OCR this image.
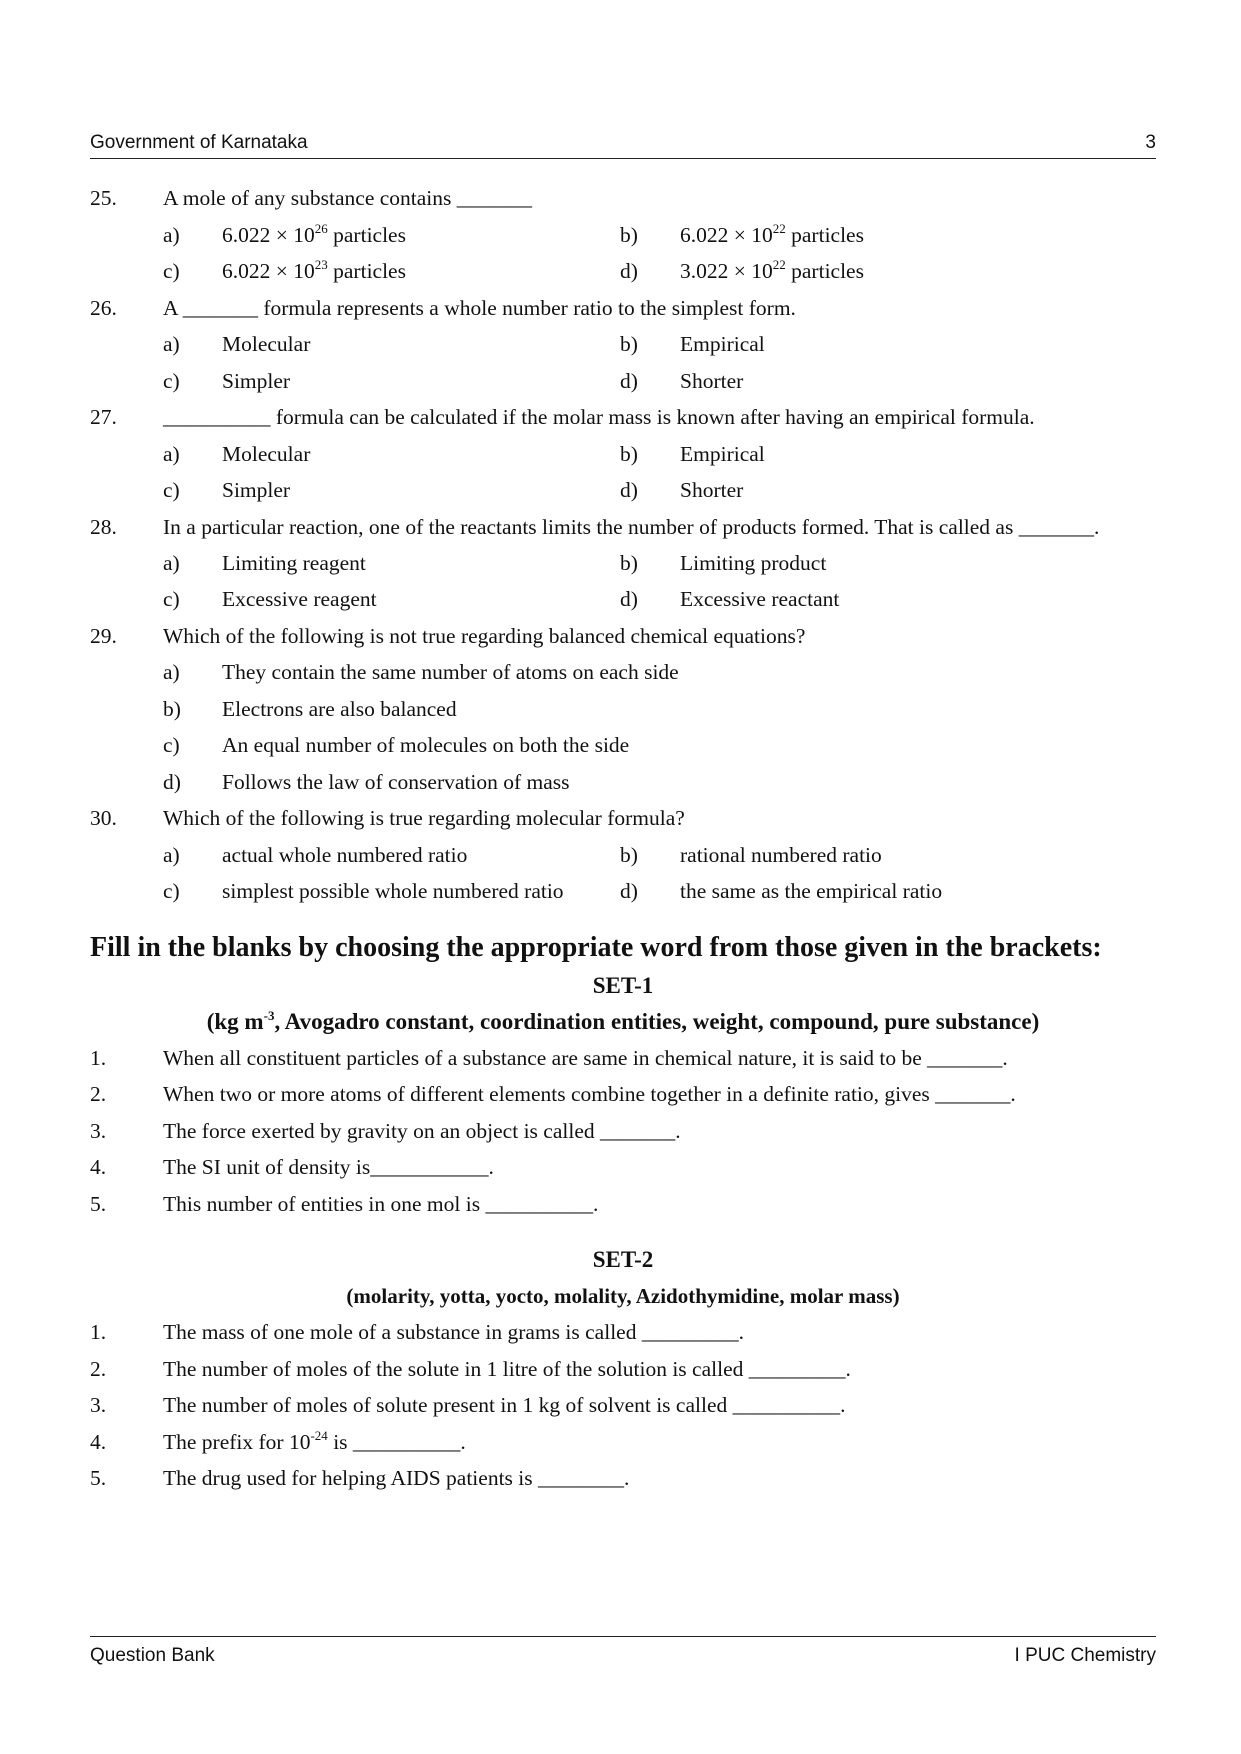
Government of Karnataka	3
25. A mole of any substance contains _______
a) $6.022 \times 10^{26}$ particles	b) $6.022 \times 10^{22}$ particles
c) $6.022 \times 10^{23}$ particles	d) $3.022 \times 10^{22}$ particles
26. A _______ formula represents a whole number ratio to the simplest form.
a) Molecular	b) Empirical
c) Simpler	d) Shorter
27. __________ formula can be calculated if the molar mass is known after having an empirical formula.
a) Molecular	b) Empirical
c) Simpler	d) Shorter
28. In a particular reaction, one of the reactants limits the number of products formed. That is called as _______.
a) Limiting reagent	b) Limiting product
c) Excessive reagent	d) Excessive reactant
29. Which of the following is not true regarding balanced chemical equations?
a) They contain the same number of atoms on each side
b) Electrons are also balanced
c) An equal number of molecules on both the side
d) Follows the law of conservation of mass
30. Which of the following is true regarding molecular formula?
a) actual whole numbered ratio	b) rational numbered ratio
c) simplest possible whole numbered ratio	d) the same as the empirical ratio
Fill in the blanks by choosing the appropriate word from those given in the brackets:
SET-1
(kg $m^{-3}$, Avogadro constant, coordination entities, weight, compound, pure substance)
1.	When all constituent particles of a substance are same in chemical nature, it is said to be _______.
2.	When two or more atoms of different elements combine together in a definite ratio, gives _______.
3.	The force exerted by gravity on an object is called _______.
4.	The SI unit of density is___________.
5.	This number of entities in one mol is __________.
SET-2
(molarity, yotta, yocto, molality, Azidothymidine, molar mass)
1.	The mass of one mole of a substance in grams is called _________.
2.	The number of moles of the solute in 1 litre of the solution is called _________.
3.	The number of moles of solute present in 1 kg of solvent is called __________.
4.	The prefix for $10^{-24}$ is __________.
5.	The drug used for helping AIDS patients is ________.
Question Bank	I PUC Chemistry
